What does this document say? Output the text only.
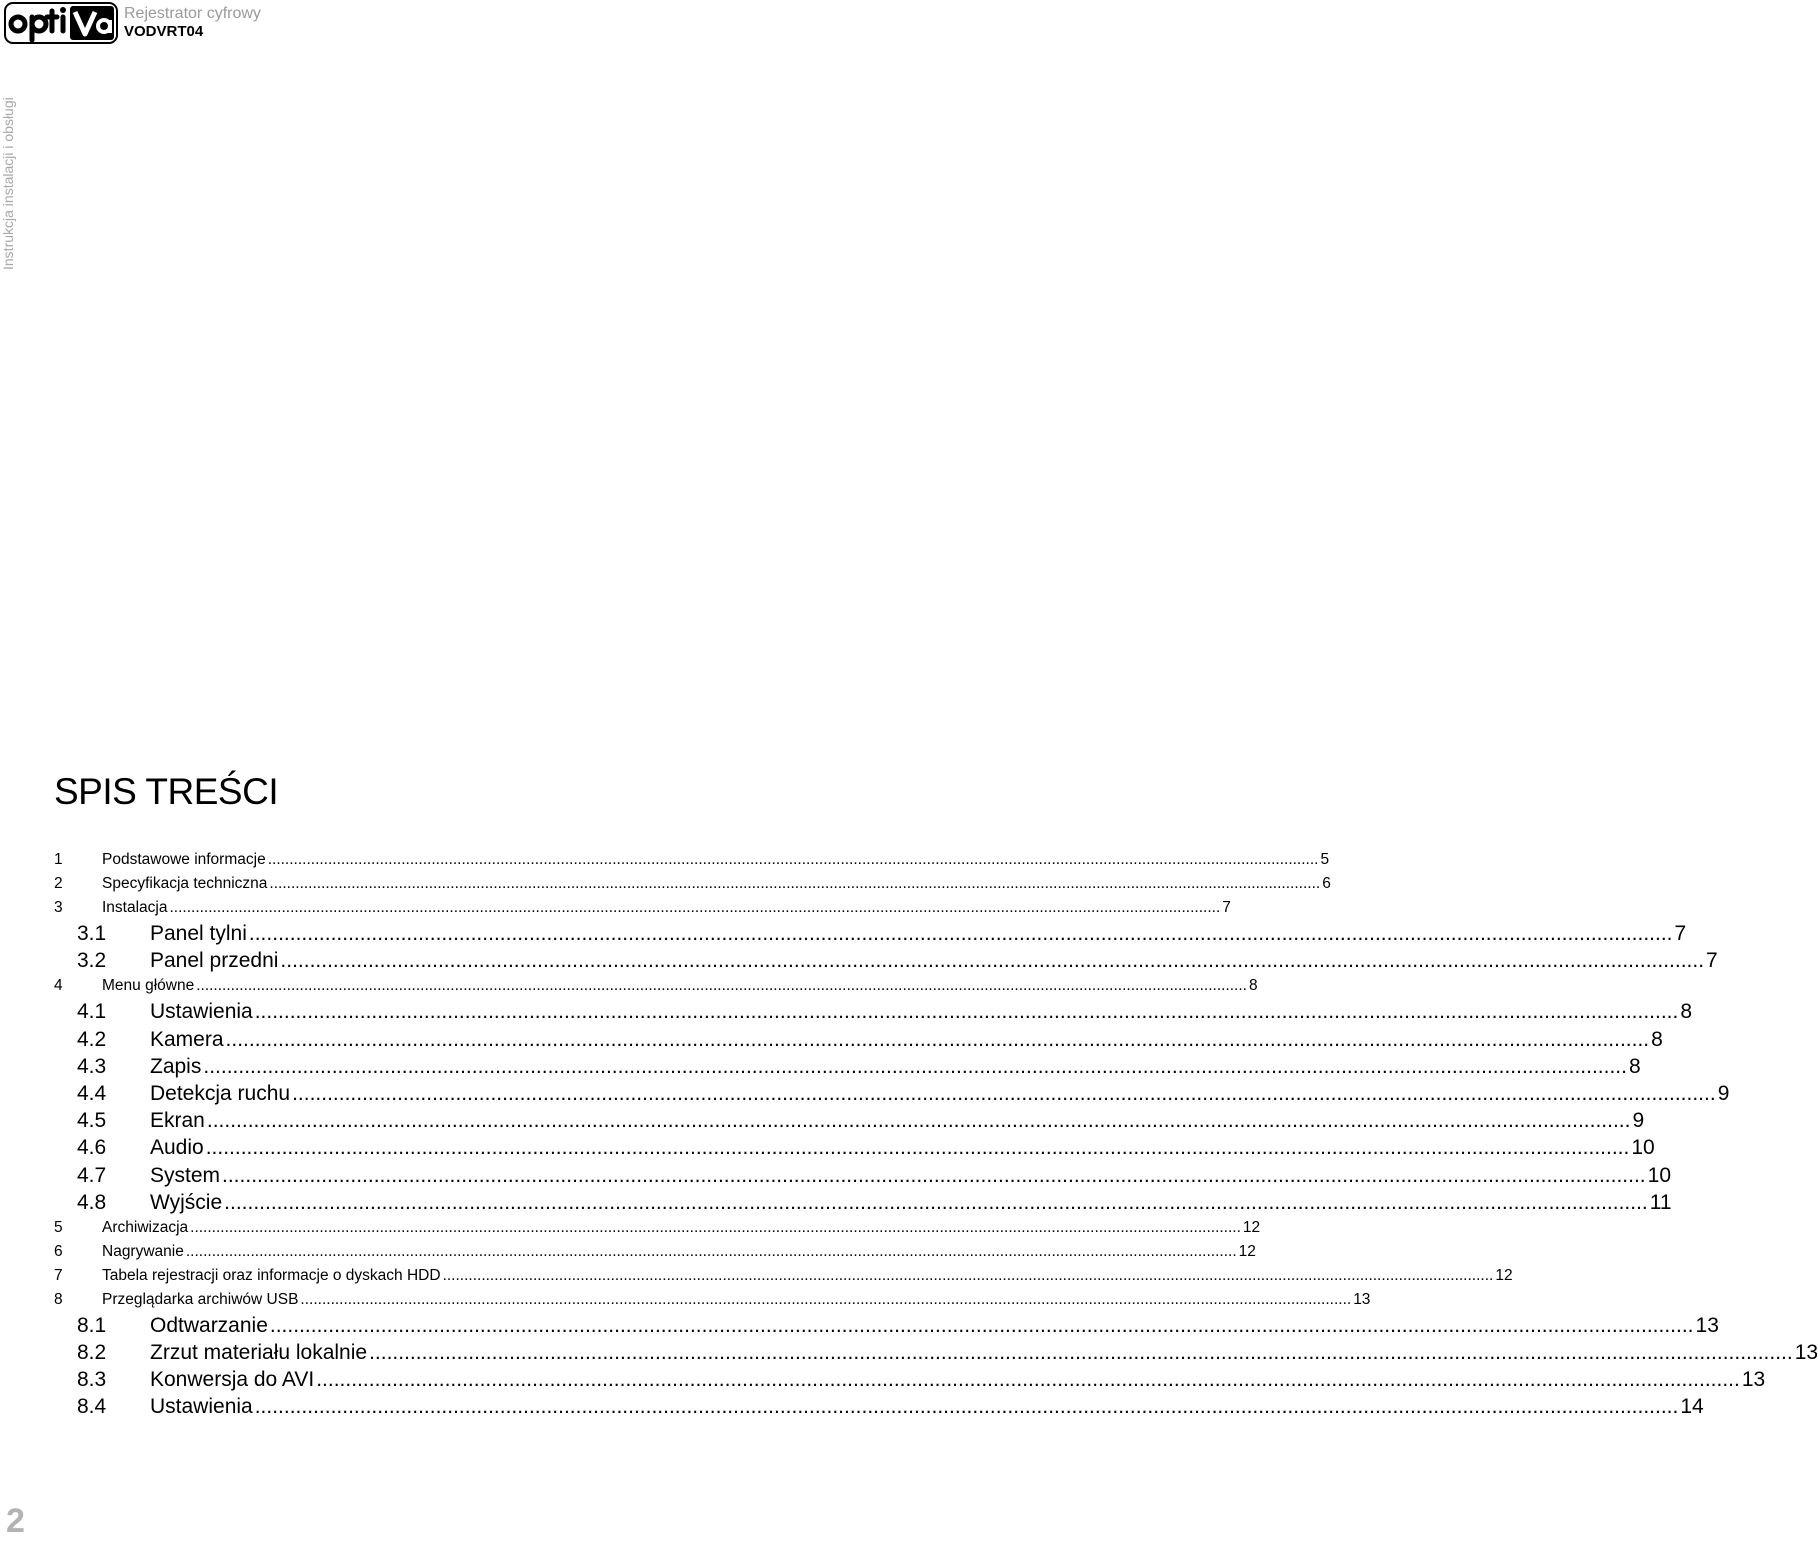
Rejestrator cyfrowy
VODVRT04
Instrukcja instalacji i obsługi
SPIS TREŚCI
1	Podstawowe informacje .....	5
2	Specyfikacja techniczna .....	6
3	Instalacja .....	7
3.1	Panel tylni .....	7
3.2	Panel przedni .....	7
4	Menu główne .....	8
4.1	Ustawienia .....	8
4.2	Kamera .....	8
4.3	Zapis .....	8
4.4	Detekcja ruchu .....	9
4.5	Ekran .....	9
4.6	Audio .....	10
4.7	System .....	10
4.8	Wyjście .....	11
5	Archiwizacja .....	12
6	Nagrywanie .....	12
7	Tabela rejestracji oraz informacje o dyskach HDD .....	12
8	Przeglądarka archiwów USB .....	13
8.1	Odtwarzanie .....	13
8.2	Zrzut materiału lokalnie .....	13
8.3	Konwersja do AVI .....	13
8.4	Ustawienia .....	14
2
